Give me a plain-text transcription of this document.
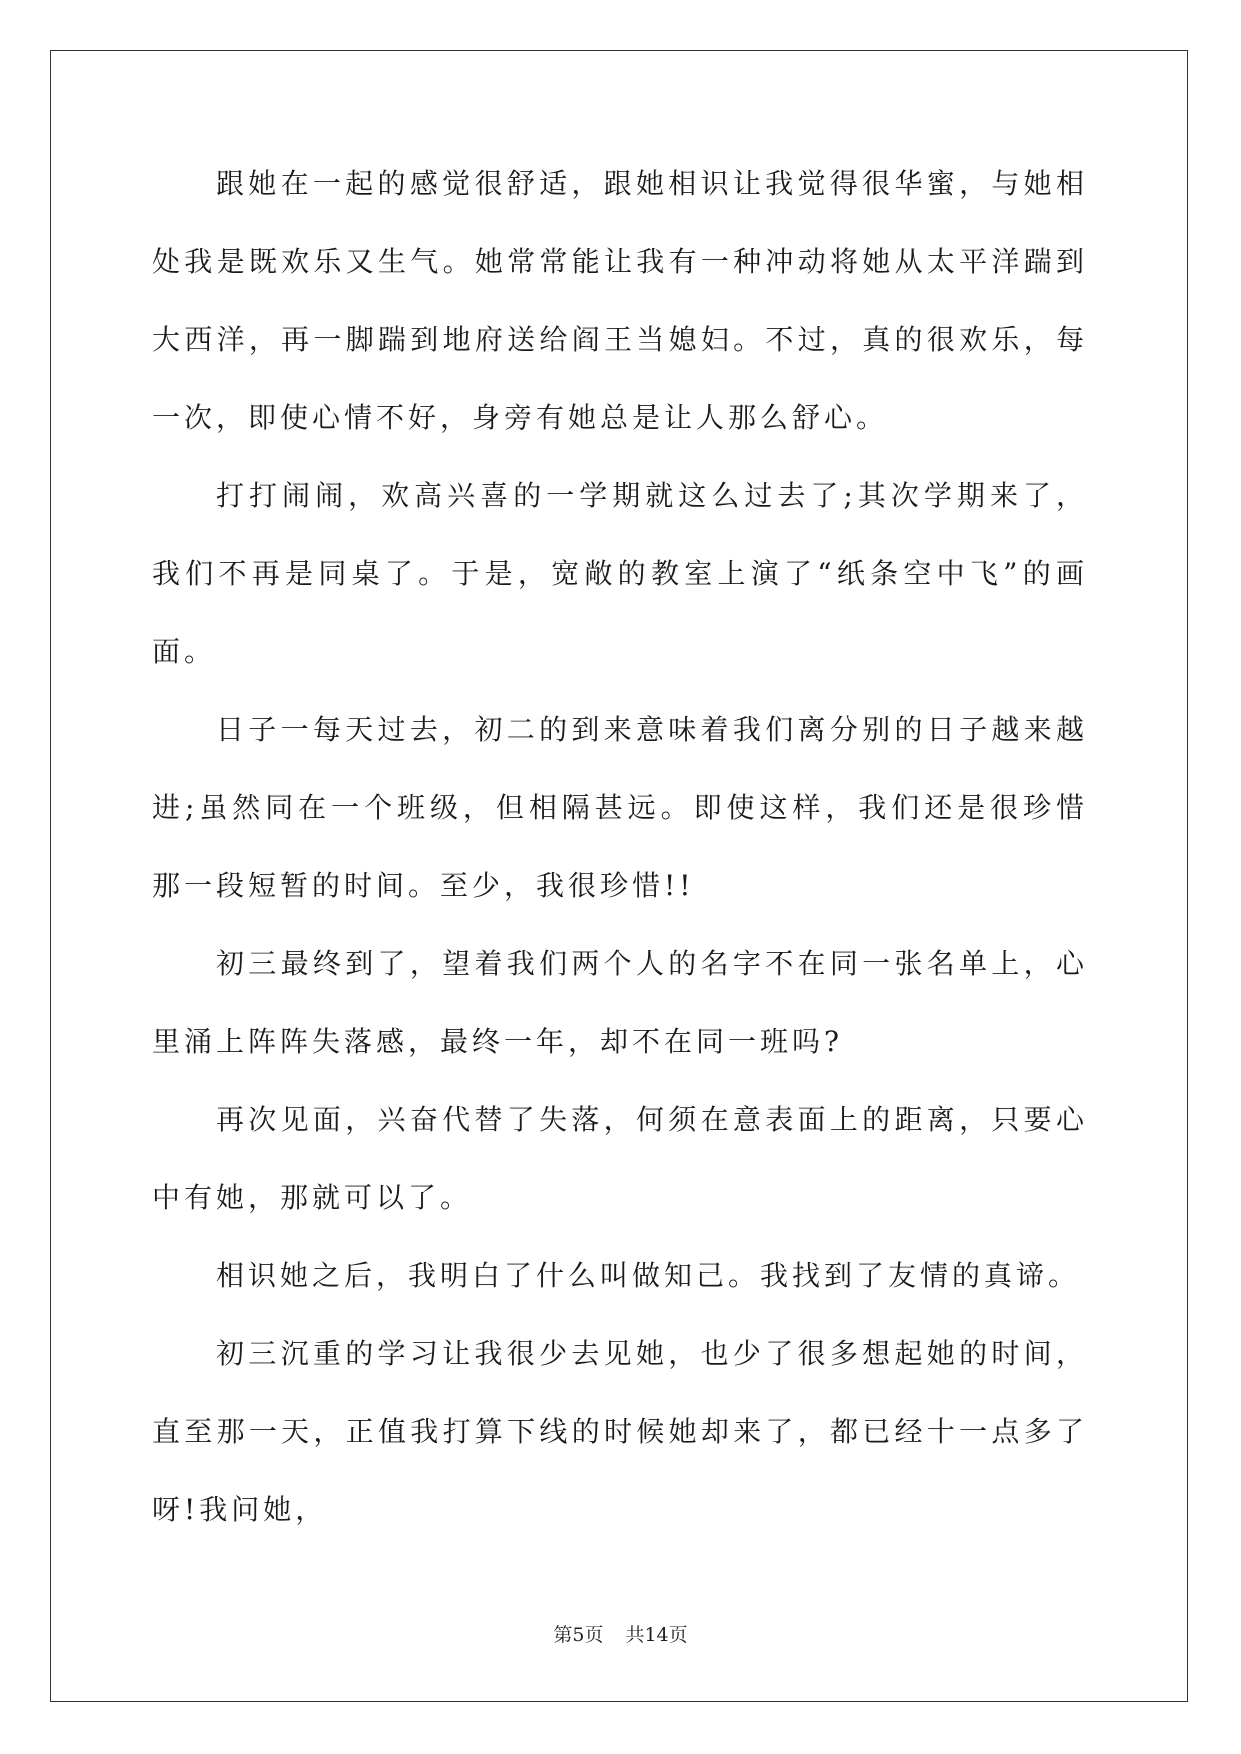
跟她在一起的感觉很舒适，跟她相识让我觉得很华蜜，与她相处我是既欢乐又生气。她常常能让我有一种冲动将她从太平洋踹到大西洋，再一脚踹到地府送给阎王当媳妇。不过，真的很欢乐，每一次，即使心情不好，身旁有她总是让人那么舒心。

打打闹闹，欢高兴喜的一学期就这么过去了;其次学期来了，我们不再是同桌了。于是，宽敞的教室上演了“纸条空中飞”的画面。

日子一每天过去，初二的到来意味着我们离分别的日子越来越进;虽然同在一个班级，但相隔甚远。即使这样，我们还是很珍惜那一段短暂的时间。至少，我很珍惜!!

初三最终到了，望着我们两个人的名字不在同一张名单上，心里涌上阵阵失落感，最终一年，却不在同一班吗?

再次见面，兴奋代替了失落，何须在意表面上的距离，只要心中有她，那就可以了。

相识她之后，我明白了什么叫做知己。我找到了友情的真谛。

初三沉重的学习让我很少去见她，也少了很多想起她的时间，直至那一天，正值我打算下线的时候她却来了，都已经十一点多了呀!我问她，

第5页 共14页
